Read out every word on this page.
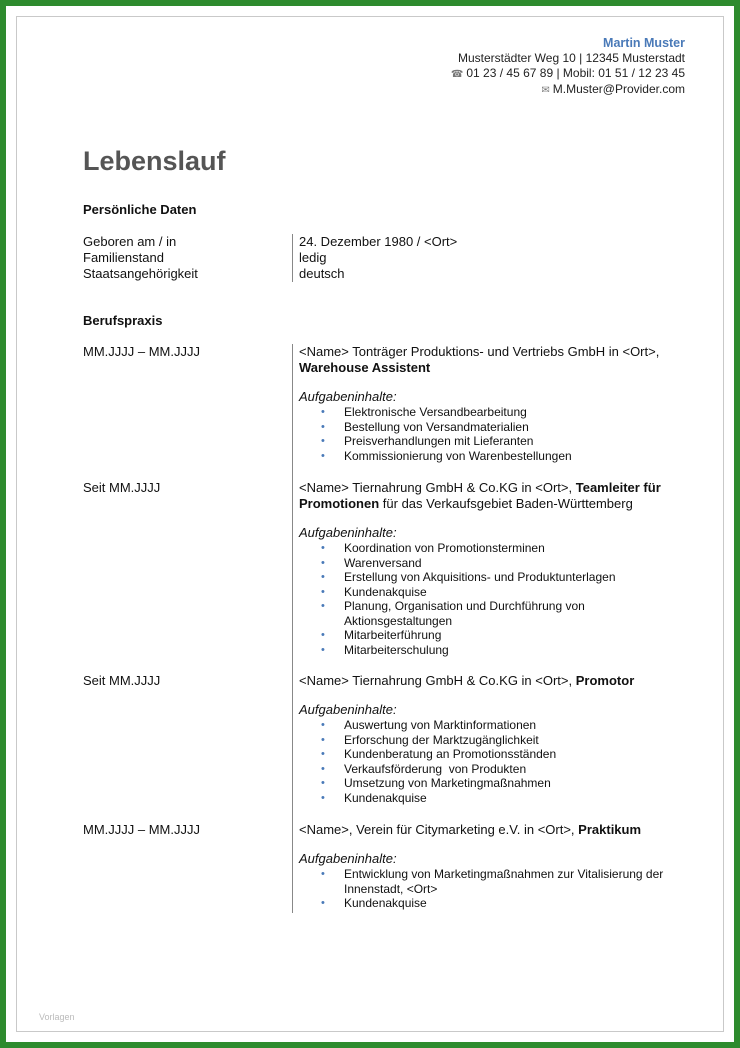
Martin Muster
Musterstädter Weg 10 | 12345 Musterstadt
☎ 01 23 / 45 67 89 | Mobil: 01 51 / 12 23 45
✉ M.Muster@Provider.com
Lebenslauf
Persönliche Daten
Geboren am / in	24. Dezember 1980 / <Ort>
Familienstand	ledig
Staatsangehörigkeit	deutsch
Berufspraxis
MM.JJJJ – MM.JJJJ	<Name> Tonträger Produktions- und Vertriebs GmbH in <Ort>,
Warehouse Assistent
Aufgabeninhalte:
• Elektronische Versandbearbeitung
• Bestellung von Versandmaterialien
• Preisverhandlungen mit Lieferanten
• Kommissionierung von Warenbestellungen
Seit MM.JJJJ	<Name> Tiernahrung GmbH & Co.KG in <Ort>, Teamleiter für Promotionen für das Verkaufsgebiet Baden-Württemberg
Aufgabeninhalte:
• Koordination von Promotionsterminen
• Warenversand
• Erstellung von Akquisitions- und Produktunterlagen
• Kundenakquise
• Planung, Organisation und Durchführung von Aktionsgestaltungen
• Mitarbeiterführung
• Mitarbeiterschulung
Seit MM.JJJJ	<Name> Tiernahrung GmbH & Co.KG in <Ort>, Promotor
Aufgabeninhalte:
• Auswertung von Marktinformationen
• Erforschung der Marktzugänglichkeit
• Kundenberatung an Promotionsständen
• Verkaufsförderung  von Produkten
• Umsetzung von Marketingmaßnahmen
• Kundenakquise
MM.JJJJ – MM.JJJJ	<Name>, Verein für Citymarketing e.V. in <Ort>, Praktikum
Aufgabeninhalte:
• Entwicklung von Marketingmaßnahmen zur Vitalisierung der Innenstadt, <Ort>
• Kundenakquise
Vorlagen
